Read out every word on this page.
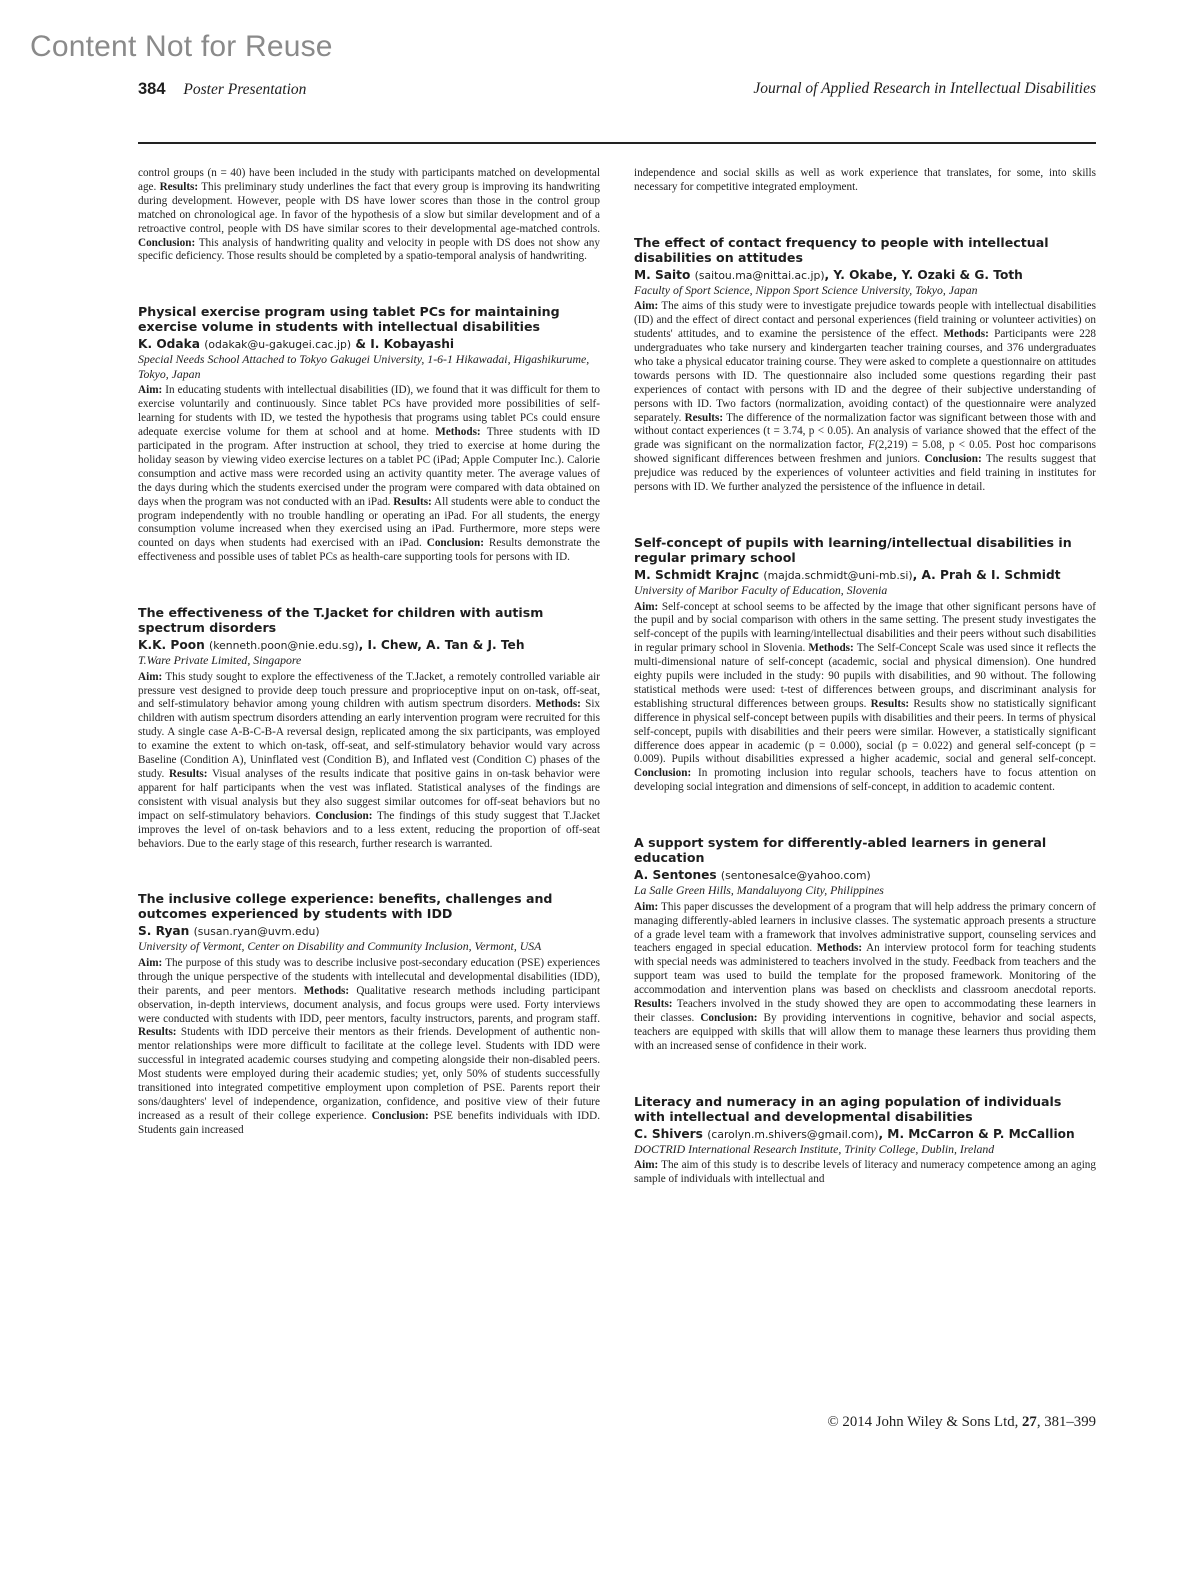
Content Not for Reuse
384 Poster Presentation	Journal of Applied Research in Intellectual Disabilities

control groups (n = 40) have been included in the study with participants matched on developmental age. Results: This preliminary study underlines the fact that every group is improving its handwriting during development. However, people with DS have lower scores than those in the control group matched on chronological age. In favor of the hypothesis of a slow but similar development and of a retroactive control, people with DS have similar scores to their developmental age-matched controls. Conclusion: This analysis of handwriting quality and velocity in people with DS does not show any specific deficiency. Those results should be completed by a spatio-temporal analysis of handwriting.

Physical exercise program using tablet PCs for maintaining exercise volume in students with intellectual disabilities
K. Odaka (odakak@u-gakugei.cac.jp) & I. Kobayashi
Special Needs School Attached to Tokyo Gakugei University, 1-6-1 Hikawadai, Higashikurume, Tokyo, Japan

Aim: In educating students with intellectual disabilities (ID), we found that it was difficult for them to exercise voluntarily and continuously. Since tablet PCs have provided more possibilities of self-learning for students with ID, we tested the hypothesis that programs using tablet PCs could ensure adequate exercise volume for them at school and at home. Methods: Three students with ID participated in the program. After instruction at school, they tried to exercise at home during the holiday season by viewing video exercise lectures on a tablet PC (iPad; Apple Computer Inc.). Calorie consumption and active mass were recorded using an activity quantity meter. The average values of the days during which the students exercised under the program were compared with data obtained on days when the program was not conducted with an iPad. Results: All students were able to conduct the program independently with no trouble handling or operating an iPad. For all students, the energy consumption volume increased when they exercised using an iPad. Furthermore, more steps were counted on days when students had exercised with an iPad. Conclusion: Results demonstrate the effectiveness and possible uses of tablet PCs as health-care supporting tools for persons with ID.

The effectiveness of the T.Jacket for children with autism spectrum disorders
K.K. Poon (kenneth.poon@nie.edu.sg), I. Chew, A. Tan & J. Teh
T.Ware Private Limited, Singapore

Aim: This study sought to explore the effectiveness of the T.Jacket, a remotely controlled variable air pressure vest designed to provide deep touch pressure and proprioceptive input on on-task, off-seat, and self-stimulatory behavior among young children with autism spectrum disorders. Methods: Six children with autism spectrum disorders attending an early intervention program were recruited for this study. A single case A-B-C-B-A reversal design, replicated among the six participants, was employed to examine the extent to which on-task, off-seat, and self-stimulatory behavior would vary across Baseline (Condition A), Uninflated vest (Condition B), and Inflated vest (Condition C) phases of the study. Results: Visual analyses of the results indicate that positive gains in on-task behavior were apparent for half participants when the vest was inflated. Statistical analyses of the findings are consistent with visual analysis but they also suggest similar outcomes for off-seat behaviors but no impact on self-stimulatory behaviors. Conclusion: The findings of this study suggest that T.Jacket improves the level of on-task behaviors and to a less extent, reducing the proportion of off-seat behaviors. Due to the early stage of this research, further research is warranted.

The inclusive college experience: benefits, challenges and outcomes experienced by students with IDD
S. Ryan (susan.ryan@uvm.edu)
University of Vermont, Center on Disability and Community Inclusion, Vermont, USA

Aim: The purpose of this study was to describe inclusive post-secondary education (PSE) experiences through the unique perspective of the students with intellecutal and developmental disabilities (IDD), their parents, and peer mentors. Methods: Qualitative research methods including participant observation, in-depth interviews, document analysis, and focus groups were used. Forty interviews were conducted with students with IDD, peer mentors, faculty instructors, parents, and program staff. Results: Students with IDD perceive their mentors as their friends. Development of authentic non-mentor relationships were more difficult to facilitate at the college level. Students with IDD were successful in integrated academic courses studying and competing alongside their non-disabled peers. Most students were employed during their academic studies; yet, only 50% of students successfully transitioned into integrated competitive employment upon completion of PSE. Parents report their sons/daughters' level of independence, organization, confidence, and positive view of their future increased as a result of their college experience. Conclusion: PSE benefits individuals with IDD. Students gain increased

independence and social skills as well as work experience that translates, for some, into skills necessary for competitive integrated employment.

The effect of contact frequency to people with intellectual disabilities on attitudes
M. Saito (saitou.ma@nittai.ac.jp), Y. Okabe, Y. Ozaki & G. Toth
Faculty of Sport Science, Nippon Sport Science University, Tokyo, Japan

Aim: The aims of this study were to investigate prejudice towards people with intellectual disabilities (ID) and the effect of direct contact and personal experiences (field training or volunteer activities) on students' attitudes, and to examine the persistence of the effect. Methods: Participants were 228 undergraduates who take nursery and kindergarten teacher training courses, and 376 undergraduates who take a physical educator training course. They were asked to complete a questionnaire on attitudes towards persons with ID. The questionnaire also included some questions regarding their past experiences of contact with persons with ID and the degree of their subjective understanding of persons with ID. Two factors (normalization, avoiding contact) of the questionnaire were analyzed separately. Results: The difference of the normalization factor was significant between those with and without contact experiences (t = 3.74, p < 0.05). An analysis of variance showed that the effect of the grade was significant on the normalization factor, F(2,219) = 5.08, p < 0.05. Post hoc comparisons showed significant differences between freshmen and juniors. Conclusion: The results suggest that prejudice was reduced by the experiences of volunteer activities and field training in institutes for persons with ID. We further analyzed the persistence of the influence in detail.

Self-concept of pupils with learning/intellectual disabilities in regular primary school
M. Schmidt Krajnc (majda.schmidt@uni-mb.si), A. Prah & I. Schmidt
University of Maribor Faculty of Education, Slovenia

Aim: Self-concept at school seems to be affected by the image that other significant persons have of the pupil and by social comparison with others in the same setting. The present study investigates the self-concept of the pupils with learning/intellectual disabilities and their peers without such disabilities in regular primary school in Slovenia. Methods: The Self-Concept Scale was used since it reflects the multi-dimensional nature of self-concept (academic, social and physical dimension). One hundred eighty pupils were included in the study: 90 pupils with disabilities, and 90 without. The following statistical methods were used: t-test of differences between groups, and discriminant analysis for establishing structural differences between groups. Results: Results show no statistically significant difference in physical self-concept between pupils with disabilities and their peers. In terms of physical self-concept, pupils with disabilities and their peers were similar. However, a statistically significant difference does appear in academic (p = 0.000), social (p = 0.022) and general self-concept (p = 0.009). Pupils without disabilities expressed a higher academic, social and general self-concept. Conclusion: In promoting inclusion into regular schools, teachers have to focus attention on developing social integration and dimensions of self-concept, in addition to academic content.

A support system for differently-abled learners in general education
A. Sentones (sentonesalce@yahoo.com)
La Salle Green Hills, Mandaluyong City, Philippines

Aim: This paper discusses the development of a program that will help address the primary concern of managing differently-abled learners in inclusive classes. The systematic approach presents a structure of a grade level team with a framework that involves administrative support, counseling services and teachers engaged in special education. Methods: An interview protocol form for teaching students with special needs was administered to teachers involved in the study. Feedback from teachers and the support team was used to build the template for the proposed framework. Monitoring of the accommodation and intervention plans was based on checklists and classroom anecdotal reports. Results: Teachers involved in the study showed they are open to accommodating these learners in their classes. Conclusion: By providing interventions in cognitive, behavior and social aspects, teachers are equipped with skills that will allow them to manage these learners thus providing them with an increased sense of confidence in their work.

Literacy and numeracy in an aging population of individuals with intellectual and developmental disabilities
C. Shivers (carolyn.m.shivers@gmail.com), M. McCarron & P. McCallion
DOCTRID International Research Institute, Trinity College, Dublin, Ireland

Aim: The aim of this study is to describe levels of literacy and numeracy competence among an aging sample of individuals with intellectual and

© 2014 John Wiley & Sons Ltd, 27, 381–399
